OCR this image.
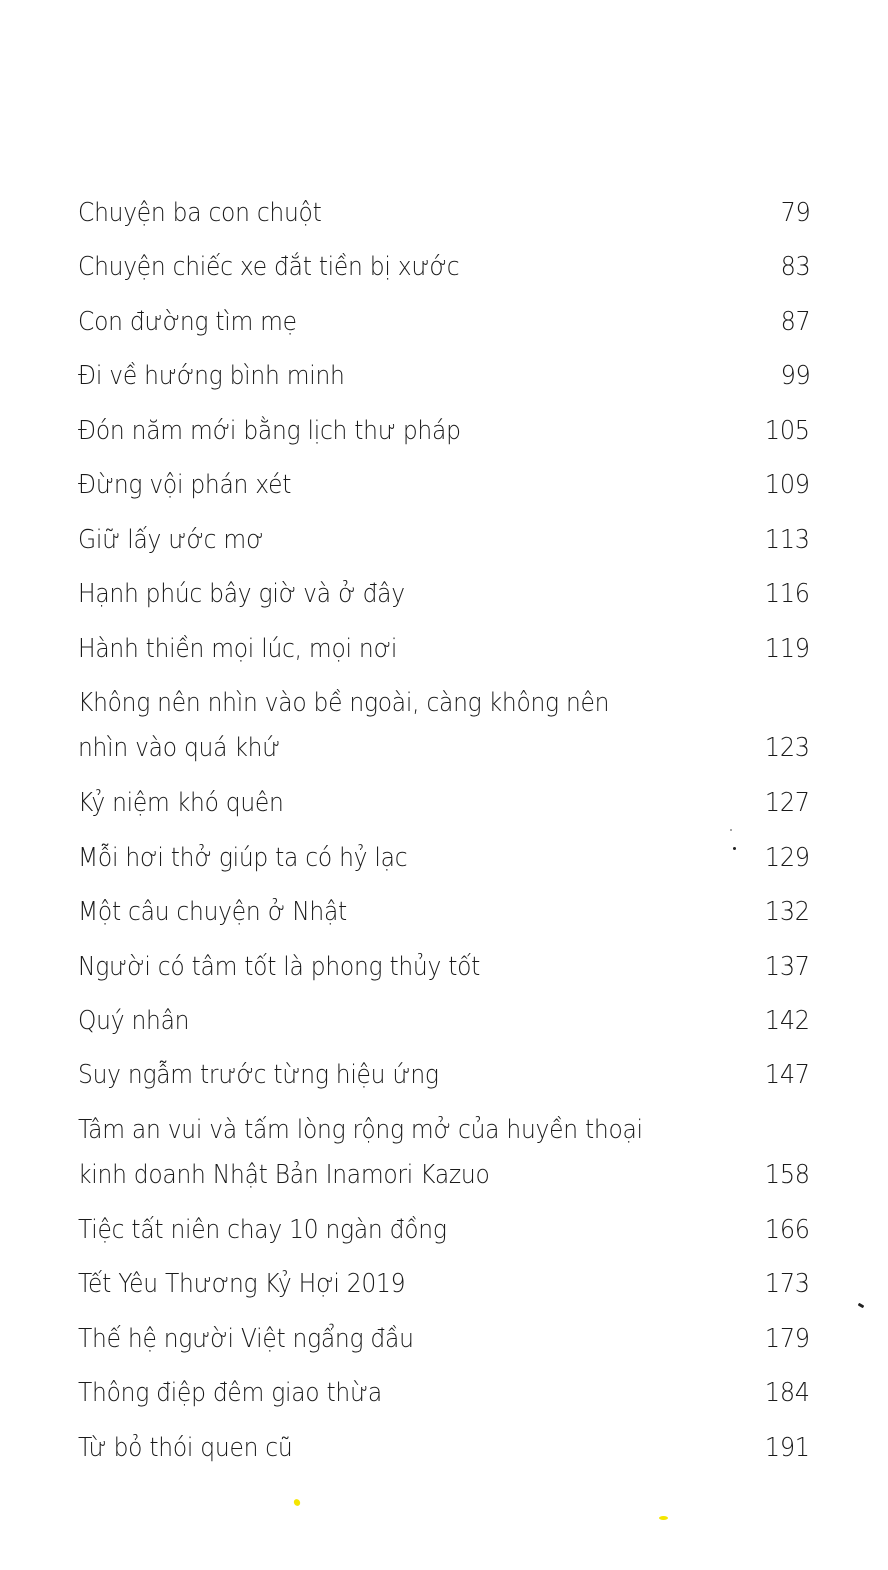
Chuyện ba con chuột	79
Chuyện chiếc xe đắt tiền bị xước	83
Con đường tìm mẹ	87
Đi về hướng bình minh	99
Đón năm mới bằng lịch thư pháp	105
Đừng vội phán xét	109
Giữ lấy ước mơ	113
Hạnh phúc bây giờ và ở đây	116
Hành thiền mọi lúc, mọi nơi	119
Không nên nhìn vào bề ngoài, càng không nên
nhìn vào quá khứ	123
Kỷ niệm khó quên	127
Mỗi hơi thở giúp ta có hỷ lạc	129
Một câu chuyện ở Nhật	132
Người có tâm tốt là phong thủy tốt	137
Quý nhân	142
Suy ngẫm trước từng hiệu ứng	147
Tâm an vui và tấm lòng rộng mở của huyền thoại
kinh doanh Nhật Bản Inamori Kazuo	158
Tiệc tất niên chay 10 ngàn đồng	166
Tết Yêu Thương Kỷ Hợi 2019	173
Thế hệ người Việt ngẩng đầu	179
Thông điệp đêm giao thừa	184
Từ bỏ thói quen cũ	191
